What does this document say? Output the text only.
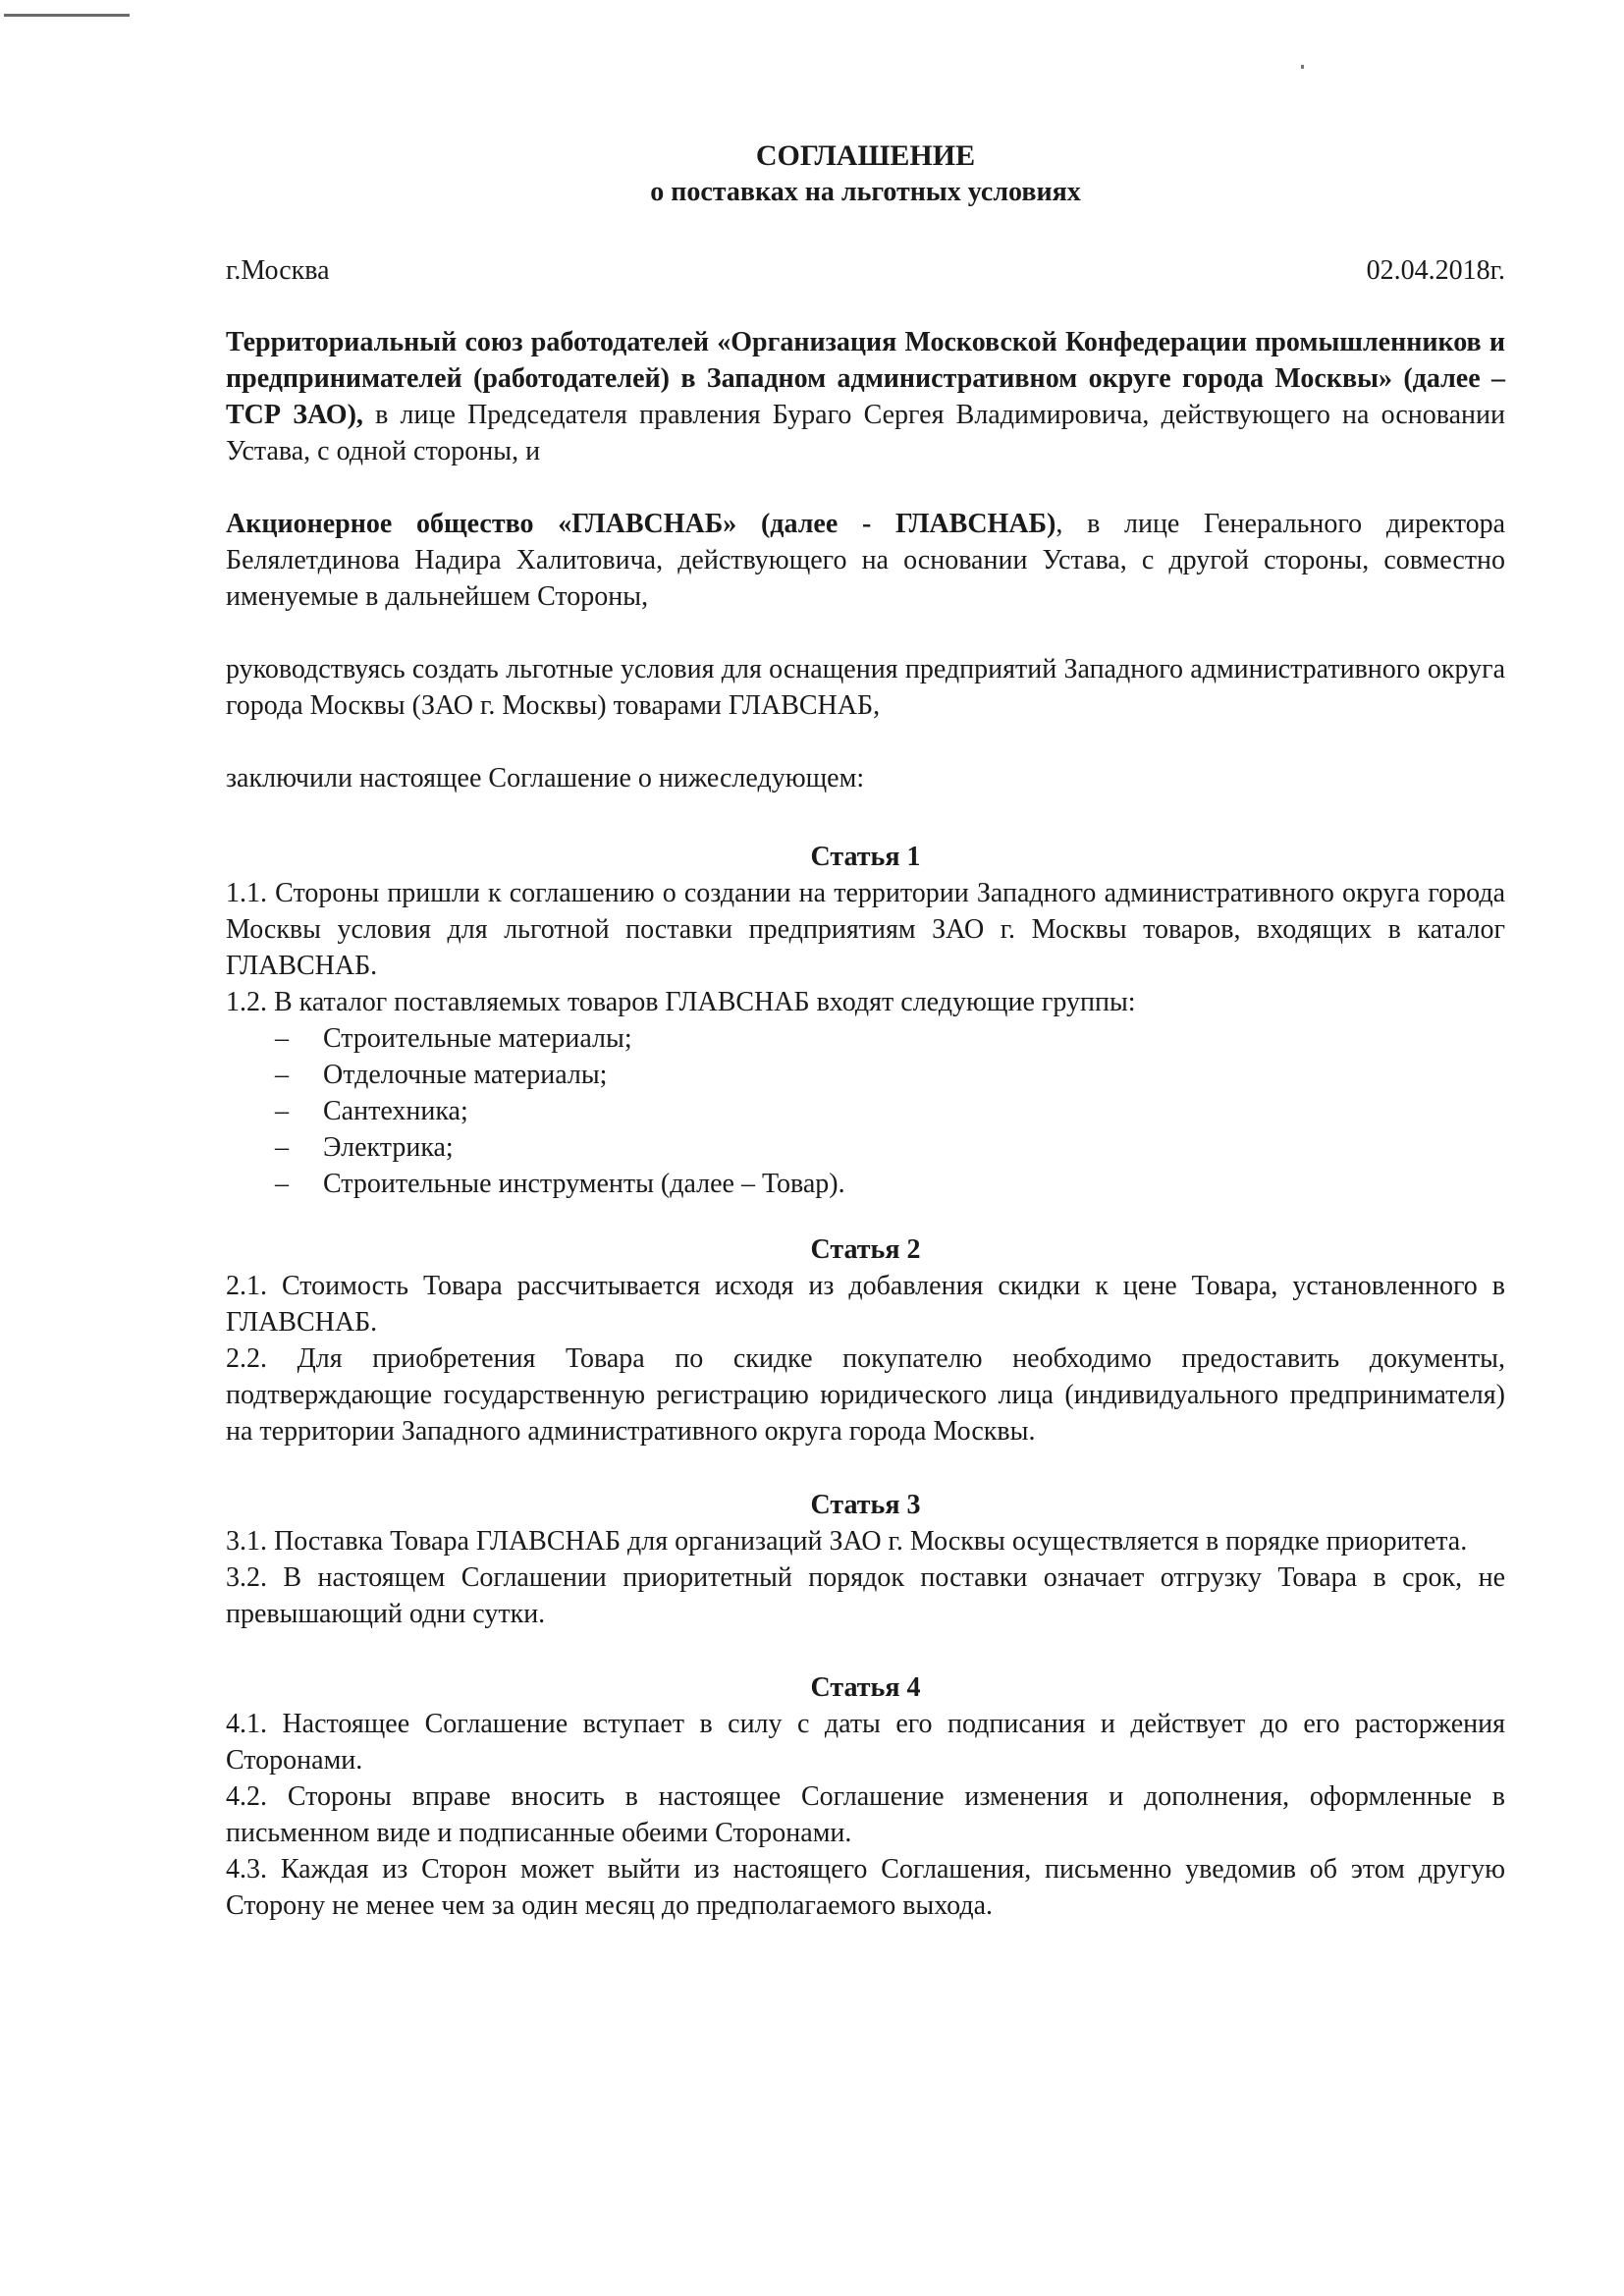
СОГЛАШЕНИЕ

о поставках на льготных условиях

г.Москва	02.04.2018г.

Территориальный союз работодателей «Организация Московской Конфедерации промышленников и предпринимателей (работодателей) в Западном административном округе города Москвы» (далее – ТСР ЗАО), в лице Председателя правления Бураго Сергея Владимировича, действующего на основании Устава, с одной стороны, и

Акционерное общество «ГЛАВСНАБ» (далее - ГЛАВСНАБ), в лице Генерального директора Белялетдинова Надира Халитовича, действующего на основании Устава, с другой стороны, совместно именуемые в дальнейшем Стороны,

руководствуясь создать льготные условия для оснащения предприятий Западного административного округа города Москвы (ЗАО г. Москвы) товарами ГЛАВСНАБ,

заключили настоящее Соглашение о нижеследующем:

Статья 1

1.1. Стороны пришли к соглашению о создании на территории Западного административного округа города Москвы условия для льготной поставки предприятиям ЗАО г. Москвы товаров, входящих в каталог ГЛАВСНАБ.

1.2. В каталог поставляемых товаров ГЛАВСНАБ входят следующие группы:

– Строительные материалы;
– Отделочные материалы;
– Сантехника;
– Электрика;
– Строительные инструменты (далее – Товар).

Статья 2

2.1. Стоимость Товара рассчитывается исходя из добавления скидки к цене Товара, установленного в ГЛАВСНАБ.

2.2. Для приобретения Товара по скидке покупателю необходимо предоставить документы, подтверждающие государственную регистрацию юридического лица (индивидуального предпринимателя) на территории Западного административного округа города Москвы.

Статья 3

3.1. Поставка Товара ГЛАВСНАБ для организаций ЗАО г. Москвы осуществляется в порядке приоритета.

3.2. В настоящем Соглашении приоритетный порядок поставки означает отгрузку Товара в срок, не превышающий одни сутки.

Статья 4

4.1. Настоящее Соглашение вступает в силу с даты его подписания и действует до его расторжения Сторонами.

4.2. Стороны вправе вносить в настоящее Соглашение изменения и дополнения, оформленные в письменном виде и подписанные обеими Сторонами.

4.3. Каждая из Сторон может выйти из настоящего Соглашения, письменно уведомив об этом другую Сторону не менее чем за один месяц до предполагаемого выхода.
